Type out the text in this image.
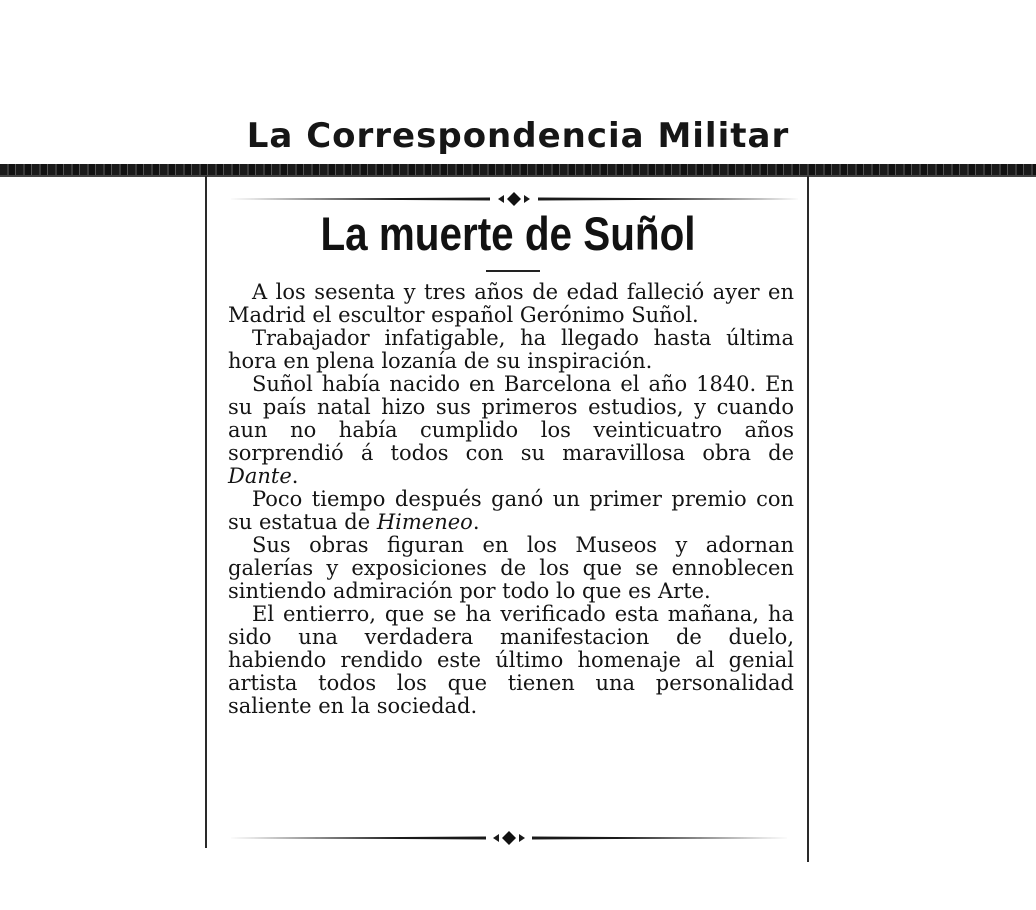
La Correspondencia Militar
La muerte de Suñol

A los sesenta y tres años de edad falleció ayer en Madrid el escultor español Gerónimo Suñol.

Trabajador infatigable, ha llegado hasta última hora en plena lozanía de su inspiración.

Suñol había nacido en Barcelona el año 1840. En su país natal hizo sus primeros estudios, y cuando aun no había cumplido los veinticuatro años sorprendió á todos con su maravillosa obra de Dante.

Poco tiempo después ganó un primer premio con su estatua de Himeneo.

Sus obras figuran en los Museos y adornan galerías y exposiciones de los que se ennoblecen sintiendo admiración por todo lo que es Arte.

El entierro, que se ha verificado esta mañana, ha sido una verdadera manifestacion de duelo, habiendo rendido este último homenaje al genial artista todos los que tienen una personalidad saliente en la sociedad.
